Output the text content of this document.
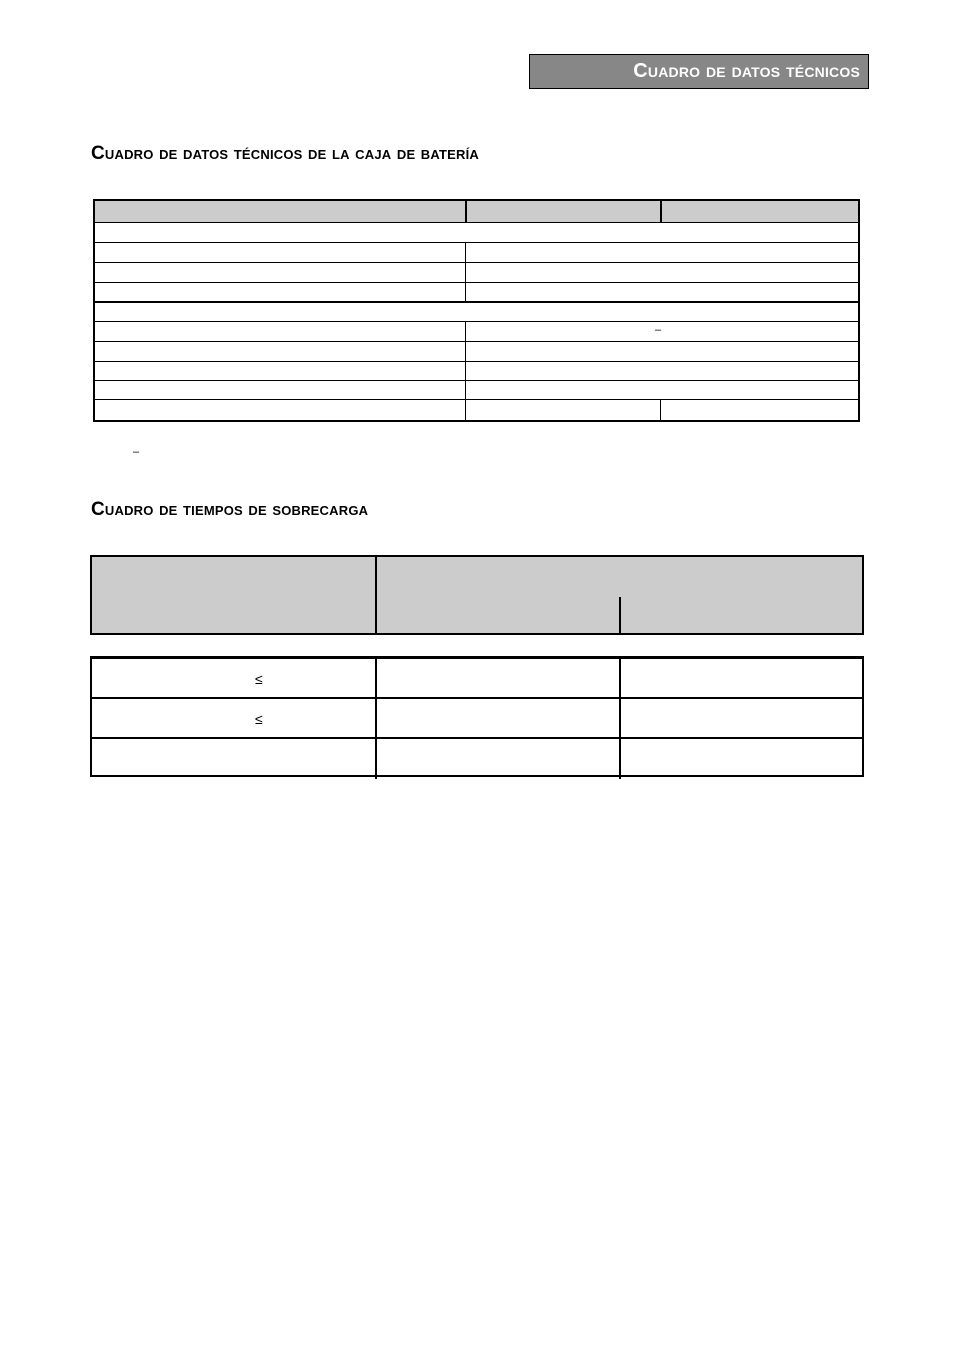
Cuadro de datos técnicos
Cuadro de datos técnicos de la caja de batería
–
–
Cuadro de tiempos de sobrecarga
≤
≤
